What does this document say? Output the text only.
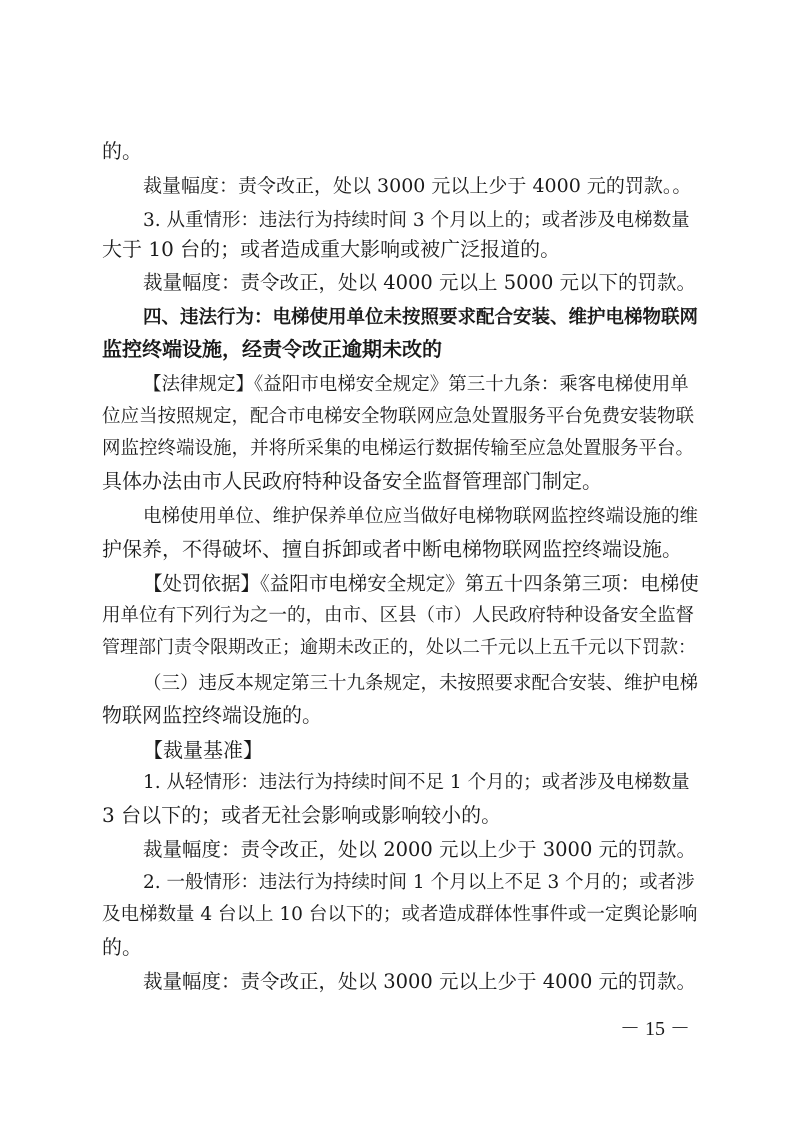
的。
裁量幅度：责令改正，处以 3000 元以上少于 4000 元的罚款。。
3. 从重情形：违法行为持续时间 3 个月以上的；或者涉及电梯数量
大于 10 台的；或者造成重大影响或被广泛报道的。
裁量幅度：责令改正，处以 4000 元以上 5000 元以下的罚款。
四、违法行为：电梯使用单位未按照要求配合安装、维护电梯物联网
监控终端设施，经责令改正逾期未改的
【法律规定】《益阳市电梯安全规定》第三十九条：乘客电梯使用单
位应当按照规定，配合市电梯安全物联网应急处置服务平台免费安装物联
网监控终端设施，并将所采集的电梯运行数据传输至应急处置服务平台。
具体办法由市人民政府特种设备安全监督管理部门制定。
电梯使用单位、维护保养单位应当做好电梯物联网监控终端设施的维
护保养，不得破坏、擅自拆卸或者中断电梯物联网监控终端设施。
【处罚依据】《益阳市电梯安全规定》第五十四条第三项：电梯使
用单位有下列行为之一的，由市、区县（市）人民政府特种设备安全监督
管理部门责令限期改正；逾期未改正的，处以二千元以上五千元以下罚款：
（三）违反本规定第三十九条规定，未按照要求配合安装、维护电梯
物联网监控终端设施的。
【裁量基准】
1. 从轻情形：违法行为持续时间不足 1 个月的；或者涉及电梯数量
3 台以下的；或者无社会影响或影响较小的。
裁量幅度：责令改正，处以 2000 元以上少于 3000 元的罚款。
2. 一般情形：违法行为持续时间 1 个月以上不足 3 个月的；或者涉
及电梯数量 4 台以上 10 台以下的；或者造成群体性事件或一定舆论影响
的。
裁量幅度：责令改正，处以 3000 元以上少于 4000 元的罚款。
－ 15 －
